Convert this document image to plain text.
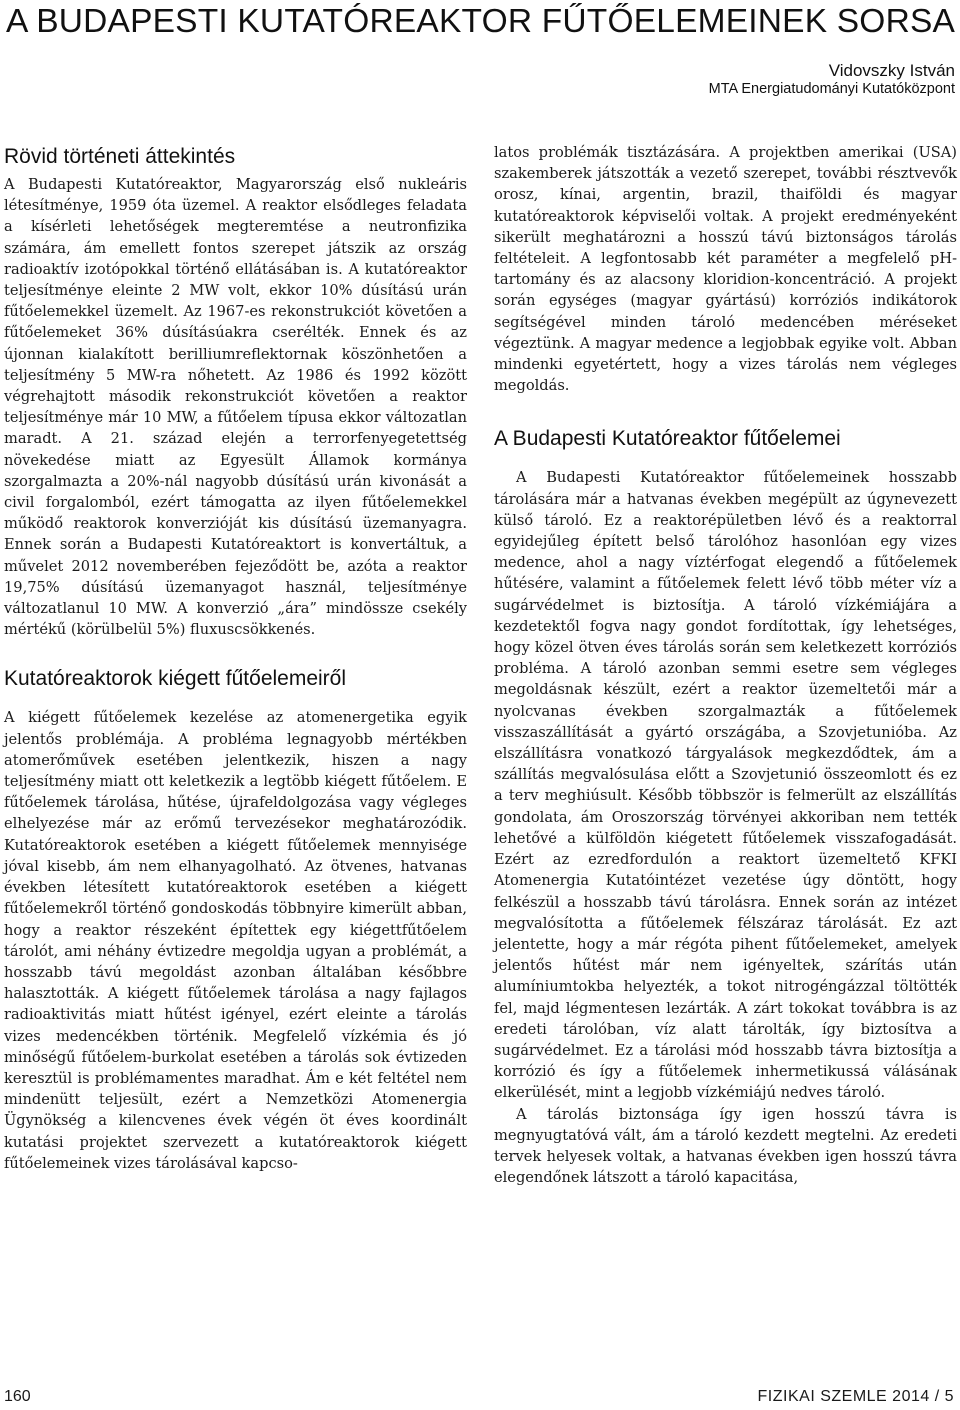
A BUDAPESTI KUTATÓREAKTOR FŰTŐELEMEINEK SORSA
Vidovszky István
MTA Energiatudományi Kutatóközpont
Rövid történeti áttekintés

A Budapesti Kutatóreaktor, Magyarország első nukleáris létesítménye, 1959 óta üzemel. A reaktor elsődleges feladata a kísérleti lehetőségek megteremtése a neutronfizika számára, ám emellett fontos szerepet játszik az ország radioaktív izotópokkal történő ellátásában is. A kutatóreaktor teljesítménye eleinte 2 MW volt, ekkor 10% dúsítású urán fűtőelemekkel üzemelt. Az 1967-es rekonstrukciót követően a fűtőelemeket 36% dúsításúakra cserélték. Ennek és az újonnan kialakított berilliumreflektornak köszönhetően a teljesítmény 5 MW-ra nőhetett. Az 1986 és 1992 között végrehajtott második rekonstrukciót követően a reaktor teljesítménye már 10 MW, a fűtőelem típusa ekkor változatlan maradt. A 21. század elején a terrorfenyegetettség növekedése miatt az Egyesült Államok kormánya szorgalmazta a 20%-nál nagyobb dúsítású urán kivonását a civil forgalomból, ezért támogatta az ilyen fűtőelemekkel működő reaktorok konverzióját kis dúsítású üzemanyagra. Ennek során a Budapesti Kutatóreaktort is konvertáltuk, a művelet 2012 novemberében fejeződött be, azóta a reaktor 19,75% dúsítású üzemanyagot használ, teljesítménye változatlanul 10 MW. A konverzió „ára” mindössze csekély mértékű (körülbelül 5%) fluxuscsökkenés.

Kutatóreaktorok kiégett fűtőelemeiről

A kiégett fűtőelemek kezelése az atomenergetika egyik jelentős problémája. A probléma legnagyobb mértékben atomerőművek esetében jelentkezik, hiszen a nagy teljesítmény miatt ott keletkezik a legtöbb kiégett fűtőelem. E fűtőelemek tárolása, hűtése, újrafeldolgozása vagy végleges elhelyezése már az erőmű tervezésekor meghatározódik. Kutatóreaktorok esetében a kiégett fűtőelemek mennyisége jóval kisebb, ám nem elhanyagolható. Az ötvenes, hatvanas években létesített kutatóreaktorok esetében a kiégett fűtőelemekről történő gondoskodás többnyire kimerült abban, hogy a reaktor részeként építettek egy kiégettfűtőelem tárolót, ami néhány évtizedre megoldja ugyan a problémát, a hosszabb távú megoldást azonban általában későbbre halasztották. A kiégett fűtőelemek tárolása a nagy fajlagos radioaktivitás miatt hűtést igényel, ezért eleinte a tárolás vizes medencékben történik. Megfelelő vízkémia és jó minőségű fűtőelem-burkolat esetében a tárolás sok évtizeden keresztül is problémamentes maradhat. Ám e két feltétel nem mindenütt teljesült, ezért a Nemzetközi Atomenergia Ügynökség a kilencvenes évek végén öt éves koordinált kutatási projektet szervezett a kutatóreaktorok kiégett fűtőelemeinek vizes tárolásával kapcso-

latos problémák tisztázására. A projektben amerikai (USA) szakemberek játszották a vezető szerepet, további résztvevők orosz, kínai, argentin, brazil, thaiföldi és magyar kutatóreaktorok képviselői voltak. A projekt eredményeként sikerült meghatározni a hosszú távú biztonságos tárolás feltételeit. A legfontosabb két paraméter a megfelelő pH-tartomány és az alacsony kloridion-koncentráció. A projekt során egységes (magyar gyártású) korróziós indikátorok segítségével minden tároló medencében méréseket végeztünk. A magyar medence a legjobbak egyike volt. Abban mindenki egyetértett, hogy a vizes tárolás nem végleges megoldás.

A Budapesti Kutatóreaktor fűtőelemei

A Budapesti Kutatóreaktor fűtőelemeinek hosszabb tárolására már a hatvanas években megépült az úgynevezett külső tároló. Ez a reaktorépületben lévő és a reaktorral egyidejűleg épített belső tárolóhoz hasonlóan egy vizes medence, ahol a nagy víztérfogat elegendő a fűtőelemek hűtésére, valamint a fűtőelemek felett lévő több méter víz a sugárvédelmet is biztosítja. A tároló vízkémiájára a kezdetektől fogva nagy gondot fordítottak, így lehetséges, hogy közel ötven éves tárolás során sem keletkezett korróziós probléma. A tároló azonban semmi esetre sem végleges megoldásnak készült, ezért a reaktor üzemeltetői már a nyolcvanas években szorgalmazták a fűtőelemek visszaszállítását a gyártó országába, a Szovjetunióba. Az elszállításra vonatkozó tárgyalások megkezdődtek, ám a szállítás megvalósulása előtt a Szovjetunió összeomlott és ez a terv meghiúsult. Később többször is felmerült az elszállítás gondolata, ám Oroszország törvényei akkoriban nem tették lehetővé a külföldön kiégetett fűtőelemek visszafogadását. Ezért az ezredfordulón a reaktort üzemeltető KFKI Atomenergia Kutatóintézet vezetése úgy döntött, hogy felkészül a hosszabb távú tárolásra. Ennek során az intézet megvalósította a fűtőelemek félszáraz tárolását. Ez azt jelentette, hogy a már régóta pihent fűtőelemeket, amelyek jelentős hűtést már nem igényeltek, szárítás után alumíniumtokba helyezték, a tokot nitrogéngázzal töltötték fel, majd légmentesen lezárták. A zárt tokokat továbbra is az eredeti tárolóban, víz alatt tárolták, így biztosítva a sugárvédelmet. Ez a tárolási mód hosszabb távra biztosítja a korrózió és így a fűtőelemek inhermetikussá válásának elkerülését, mint a legjobb vízkémiájú nedves tároló.

A tárolás biztonsága így igen hosszú távra is megnyugtatóvá vált, ám a tároló kezdett megtelni. Az eredeti tervek helyesek voltak, a hatvanas években igen hosszú távra elegendőnek látszott a tároló kapacitása,

160	FIZIKAI SZEMLE 2014 / 5
